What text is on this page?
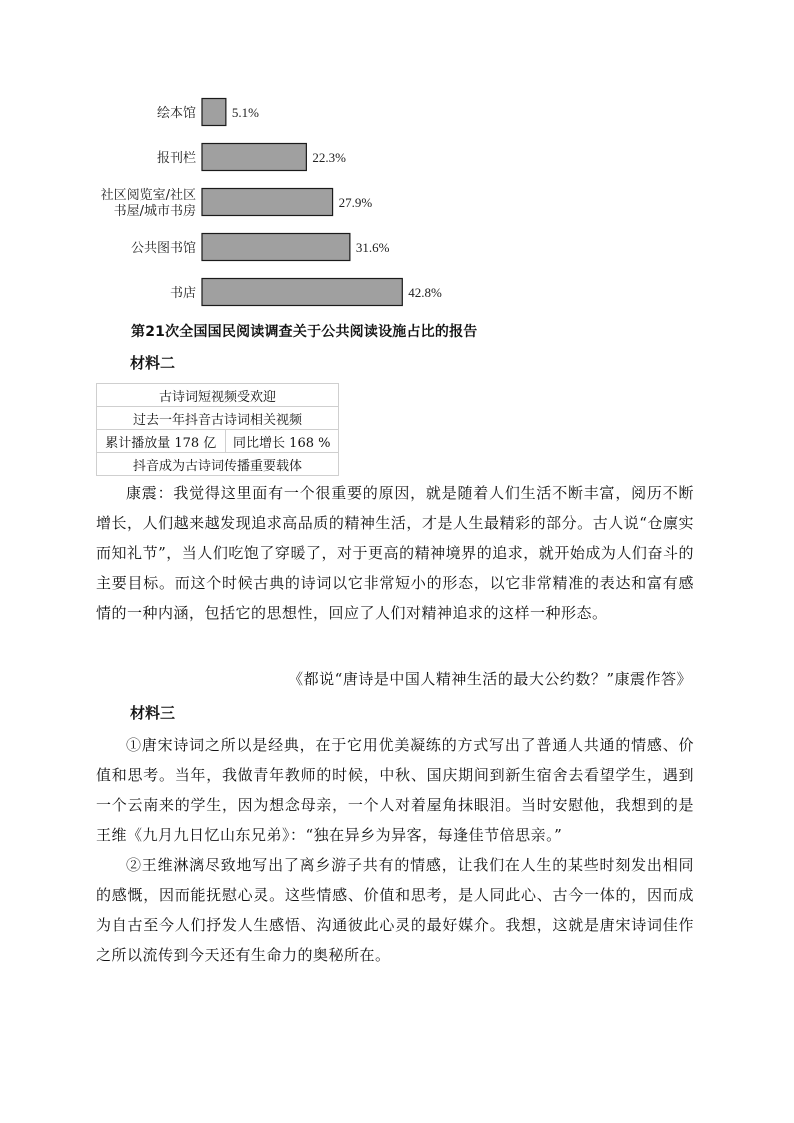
5.1%
绘本馆
22.3%
报刊栏
27.9%
社区阅览室/社区书屋/城市书房
31.6%
公共图书馆
42.8%
书店
第21次全国国民阅读调查关于公共阅读设施占比的报告
材料二
古诗词短视频受欢迎
过去一年抖音古诗词相关视频
累计播放量 178 亿	同比增长 168 %
抖音成为古诗词传播重要载体

康震：我觉得这里面有一个很重要的原因，就是随着人们生活不断丰富，阅历不断增长，人们越来越发现追求高品质的精神生活，才是人生最精彩的部分。古人说“仓廪实而知礼节”，当人们吃饱了穿暖了，对于更高的精神境界的追求，就开始成为人们奋斗的主要目标。而这个时候古典的诗词以它非常短小的形态，以它非常精准的表达和富有感情的一种内涵，包括它的思想性，回应了人们对精神追求的这样一种形态。

《都说“唐诗是中国人精神生活的最大公约数？”康震作答》
材料三

①唐宋诗词之所以是经典，在于它用优美凝练的方式写出了普通人共通的情感、价值和思考。当年，我做青年教师的时候，中秋、国庆期间到新生宿舍去看望学生，遇到一个云南来的学生，因为想念母亲，一个人对着屋角抹眼泪。当时安慰他，我想到的是王维《九月九日忆山东兄弟》：“独在异乡为异客，每逢佳节倍思亲。”

②王维淋漓尽致地写出了离乡游子共有的情感，让我们在人生的某些时刻发出相同的感慨，因而能抚慰心灵。这些情感、价值和思考，是人同此心、古今一体的，因而成为自古至今人们抒发人生感悟、沟通彼此心灵的最好媒介。我想，这就是唐宋诗词佳作之所以流传到今天还有生命力的奥秘所在。
